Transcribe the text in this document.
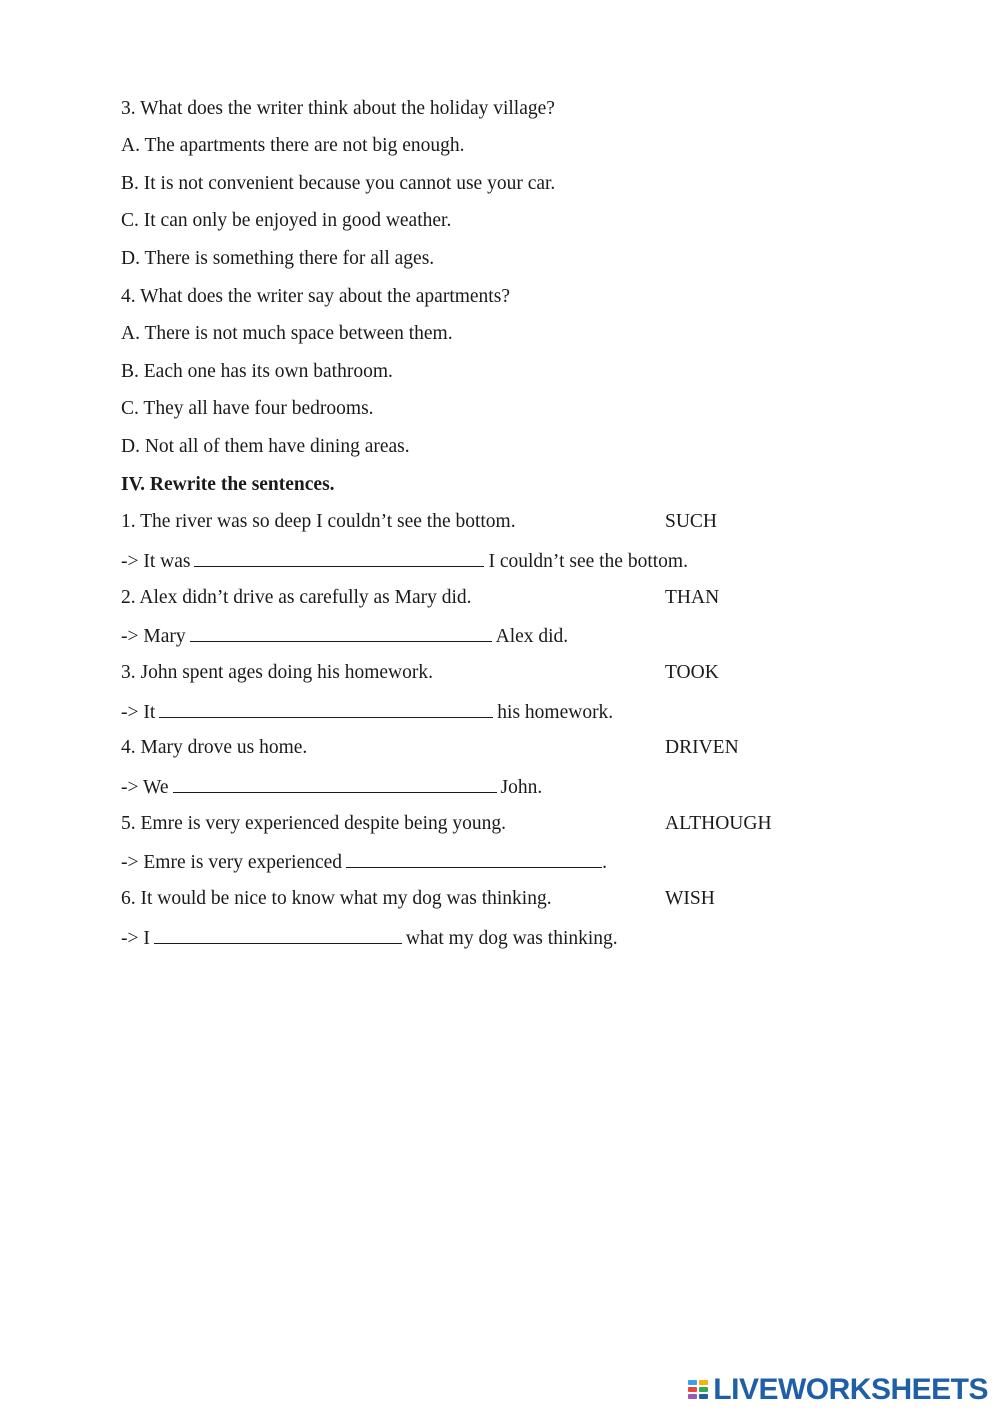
3. What does the writer think about the holiday village?
A. The apartments there are not big enough.
B. It is not convenient because you cannot use your car.
C. It can only be enjoyed in good weather.
D. There is something there for all ages.
4. What does the writer say about the apartments?
A. There is not much space between them.
B. Each one has its own bathroom.
C. They all have four bedrooms.
D. Not all of them have dining areas.
IV. Rewrite the sentences.
1. The river was so deep I couldn’t see the bottom.	SUCH
-> It was	I couldn’t see the bottom.
2. Alex didn’t drive as carefully as Mary did.	THAN
-> Mary	Alex did.
3. John spent ages doing his homework.	TOOK
-> It	his homework.
4. Mary drove us home.	DRIVEN
-> We	John.
5. Emre is very experienced despite being young.	ALTHOUGH
-> Emre is very experienced	.
6. It would be nice to know what my dog was thinking.	WISH
-> I	what my dog was thinking.
LIVEWORKSHEETS
